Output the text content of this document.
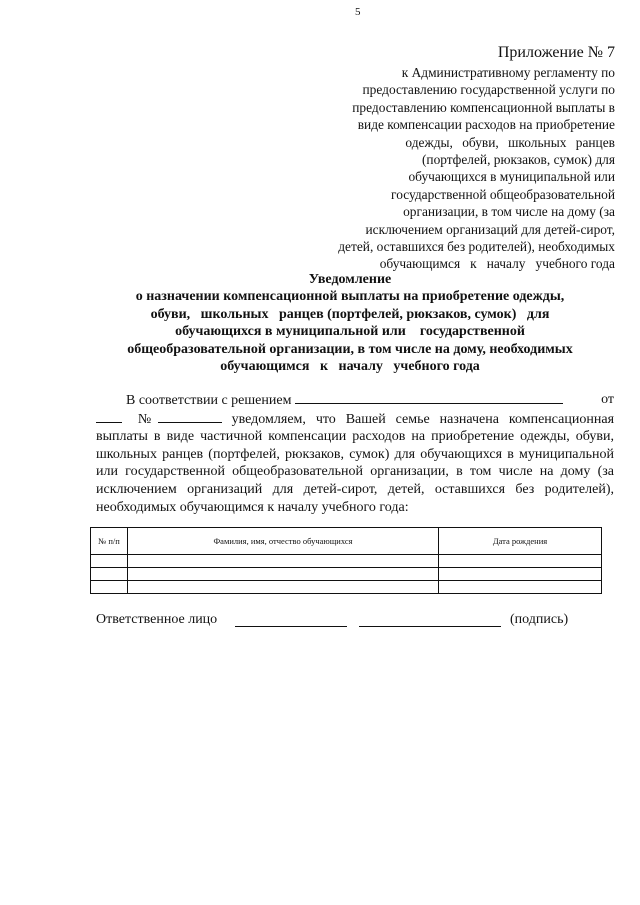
5
Приложение № 7
к Административному регламенту по
предоставлению государственной услуги по
предоставлению компенсационной выплаты в
виде компенсации расходов на приобретение
одежды, обуви, школьных ранцев
(портфелей, рюкзаков, сумок) для
обучающихся в муниципальной или
государственной общеобразовательной
организации, в том числе на дому (за
исключением организаций для детей-сирот,
детей, оставшихся без родителей), необходимых
обучающимся   к   началу   учебного года
Уведомление
о назначении компенсационной выплаты на приобретение одежды,
обуви,   школьных   ранцев (портфелей, рюкзаков, сумок)   для
обучающихся в муниципальной или    государственной
общеобразовательной организации, в том числе на дому, необходимых
обучающимся   к   началу   учебного года

В соответствии с решением	от

№	уведомляем, что Вашей семье назначена компенсационная выплаты в виде частичной компенсации расходов на приобретение одежды, обуви, школьных ранцев (портфелей, рюкзаков, сумок) для обучающихся в муниципальной или государственной общеобразовательной организации, в том числе на дому (за исключением организаций для детей-сирот, детей, оставшихся без родителей), необходимых обучающимся к началу учебного года:
№ п/п	Фамилия, имя, отчество обучающихся	Дата рождения

Ответственное лицо	(подпись)
